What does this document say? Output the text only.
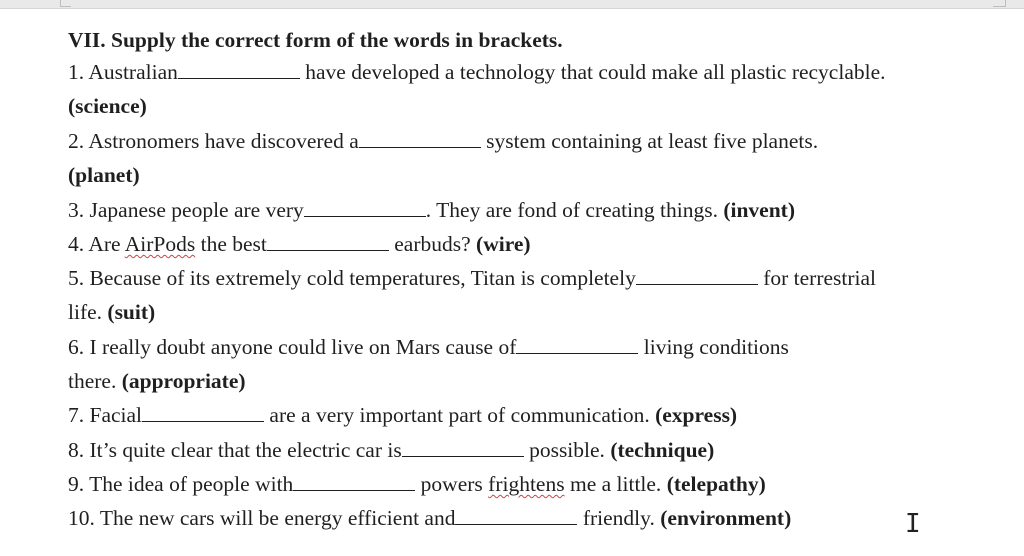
VII. Supply the correct form of the words in brackets.
1. Australian	have developed a technology that could make all plastic recyclable.
(science)
2. Astronomers have discovered a	system containing at least five planets.
(planet)
3. Japanese people are very	. They are fond of creating things. (invent)
4. Are AirPods the best	earbuds? (wire)
5. Because of its extremely cold temperatures, Titan is completely	for terrestrial
life. (suit)
6. I really doubt anyone could live on Mars cause of	living conditions
there. (appropriate)
7. Facial	are a very important part of communication. (express)
8. It’s quite clear that the electric car is	possible. (technique)
9. The idea of people with	powers frightens me a little. (telepathy)
10. The new cars will be energy efficient and	friendly. (environment)	I
